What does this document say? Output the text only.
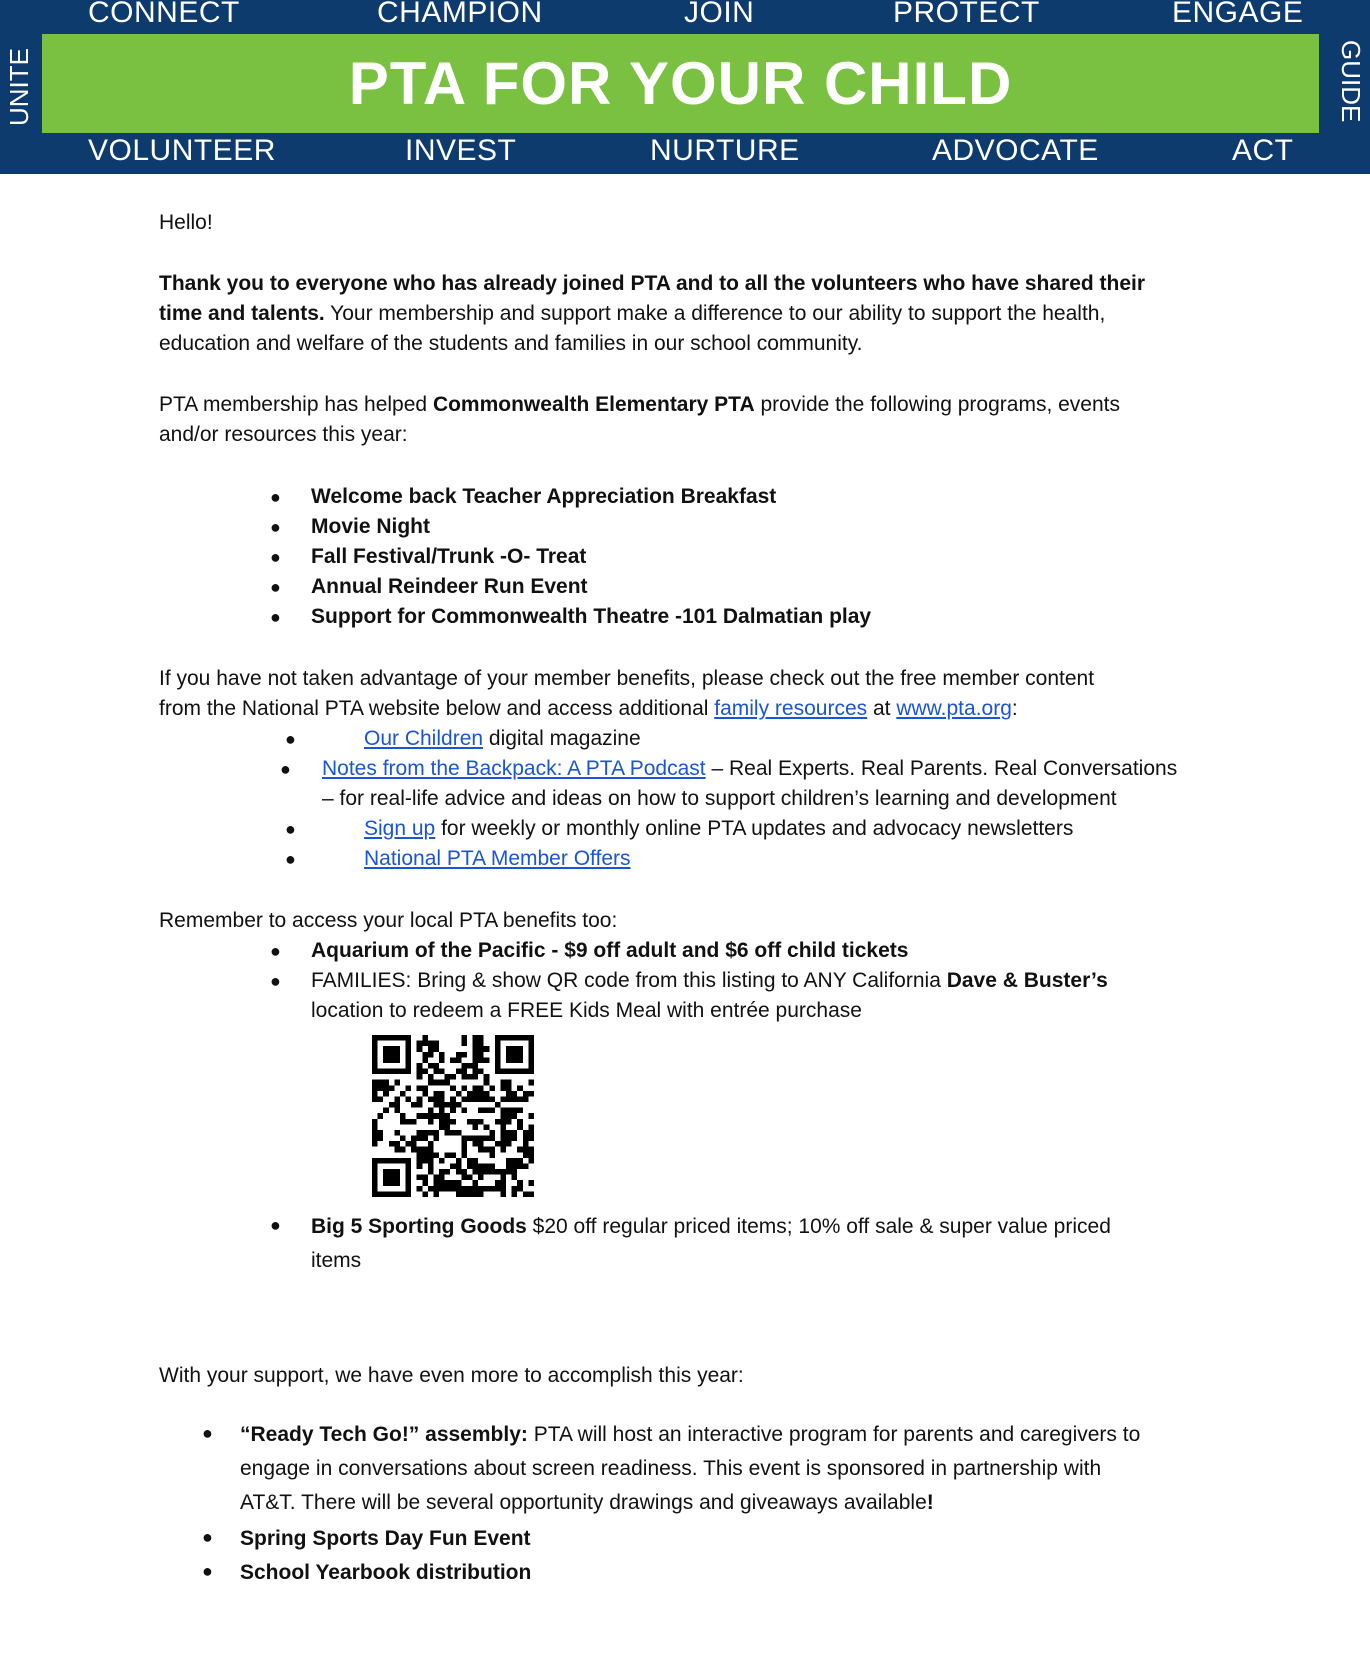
CONNECT	CHAMPION	JOIN	PROTECT	ENGAGE
PTA FOR YOUR CHILD
UNITE	GUIDE
VOLUNTEER	INVEST	NURTURE	ADVOCATE	ACT
Hello!
Thank you to everyone who has already joined PTA and to all the volunteers who have shared their
time and talents. Your membership and support make a difference to our ability to support the health,
education and welfare of the students and families in our school community.
PTA membership has helped Commonwealth Elementary PTA provide the following programs, events
and/or resources this year:
● Welcome back Teacher Appreciation Breakfast
● Movie Night
● Fall Festival/Trunk -O- Treat
● Annual Reindeer Run Event
● Support for Commonwealth Theatre -101 Dalmatian play
If you have not taken advantage of your member benefits, please check out the free member content
from the National PTA website below and access additional family resources at www.pta.org:
●	Our Children digital magazine
● Notes from the Backpack: A PTA Podcast – Real Experts. Real Parents. Real Conversations
– for real-life advice and ideas on how to support children’s learning and development
●	Sign up for weekly or monthly online PTA updates and advocacy newsletters
●	National PTA Member Offers
Remember to access your local PTA benefits too:
● Aquarium of the Pacific - $9 off adult and $6 off child tickets
● FAMILIES: Bring & show QR code from this listing to ANY California Dave & Buster’s
location to redeem a FREE Kids Meal with entrée purchase
● Big 5 Sporting Goods $20 off regular priced items; 10% off sale & super value priced
items
With your support, we have even more to accomplish this year:
● “Ready Tech Go!” assembly: PTA will host an interactive program for parents and caregivers to
engage in conversations about screen readiness. This event is sponsored in partnership with
AT&T. There will be several opportunity drawings and giveaways available!
● Spring Sports Day Fun Event
● School Yearbook distribution
